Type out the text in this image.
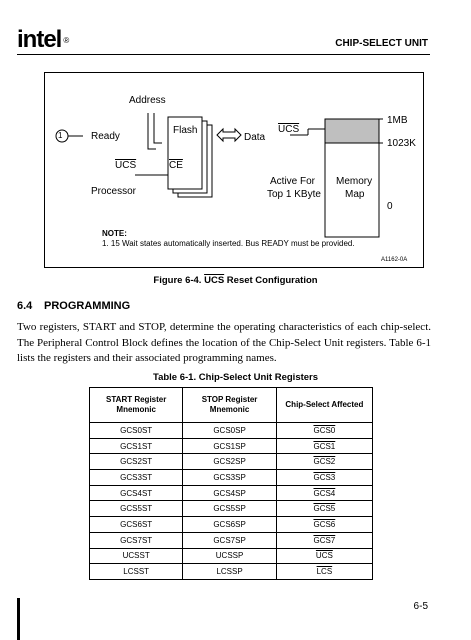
intel ®	CHIP-SELECT UNIT
Address
1	Ready
Flash
Data
$\overline{UCS}$
1MB
1023K
$\overline{UCS}$	$\overline{CE}$
Processor
Active For
Top 1 KByte
Memory
Map
0
NOTE:
1. 15 Wait states automatically inserted. Bus READY must be provided.
A1162-0A
Figure 6-4. $\overline{UCS}$ Reset Configuration
6.4 PROGRAMMING
Two registers, START and STOP, determine the operating characteristics of each chip-select. The Peripheral Control Block defines the location of the Chip-Select Unit registers. Table 6-1 lists the registers and their associated programming names.
Table 6-1. Chip-Select Unit Registers
START Register Mnemonic	STOP Register Mnemonic	Chip-Select Affected
GCS0ST	GCS0SP	GCS0
GCS1ST	GCS1SP	GCS1
GCS2ST	GCS2SP	GCS2
GCS3ST	GCS3SP	GCS3
GCS4ST	GCS4SP	GCS4
GCS5ST	GCS5SP	GCS5
GCS6ST	GCS6SP	GCS6
GCS7ST	GCS7SP	GCS7
UCSST	UCSSP	$\overline{UCS}$
LCSST	LCSSP	$\overline{LCS}$
6-5
